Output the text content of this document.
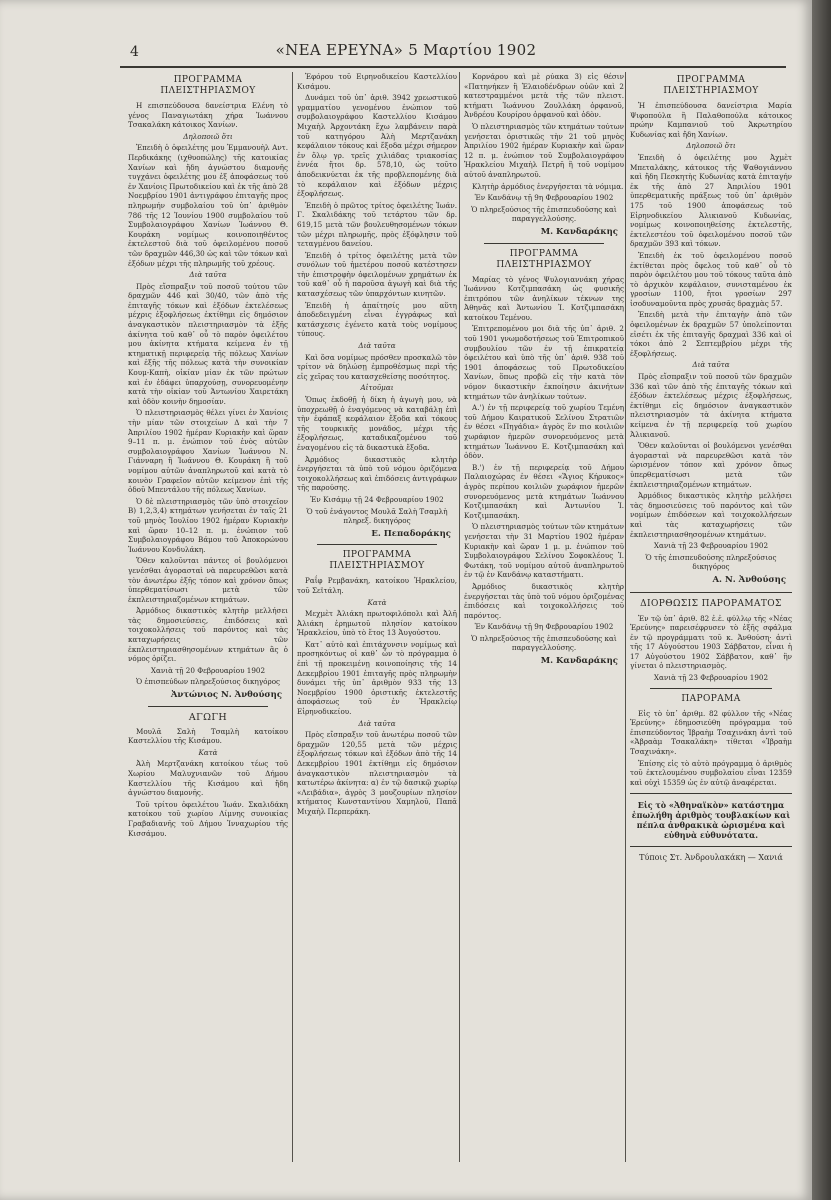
4	«ΝΕΑ ΕΡΕΥΝΑ» 5 Μαρτίου 1902
ΠΡΟΓΡΑΜΜΑ ΠΛΕΙΣΤΗΡΙΑΣΜΟΥ

Η επισπεύδουσα δανείστρια Ελένη τὸ γένος Παναγιωτάκη χήρα Ἰωάννου Τσακαλάκη κάτοικος Χανίων.

Δηλοποιῶ ὅτι

Ἐπειδὴ ὁ ὀφειλέτης μου Ἐμμανουὴλ Αντ. Περδικάκης (ιχθυοπώλης) τῆς κατοικίας Χανίων καὶ ἤδη ἀγνώστου διαμονῆς τυγχάνει ὀφειλέτης μου ἐξ ἀποφάσεως τοῦ ἐν Χανίοις Πρωτοδικείου καὶ ἐκ τῆς ἀπὸ 28 Νοεμβρίου 1901 ἀντιγράφου ἐπιταγῆς προς πληρωμήν συμβολαίου τοῦ ὑπ᾽ ἀριθμὸν 786 τῆς 12 Ἰουνίου 1900 συμβολαίου τοῦ Συμβολαιογράφου Χανίων Ἰωάννου Θ. Κουράκη νομίμως κοινοποιηθέντος ἐκτελεστοῦ διὰ τοῦ ὀφειλομένου ποσοῦ τῶν δραχμῶν 446,30 ὡς καὶ τῶν τόκων καὶ ἐξόδων μέχρι τῆς πληρωμῆς τοῦ χρέους.

Διὰ ταῦτα

Πρὸς εἴσπραξιν τοῦ ποσοῦ τούτου τῶν δραχμῶν 446 καὶ 30/40, τῶν ἀπὸ τῆς ἐπιταγῆς τόκων καὶ ἐξόδων ἐκτελέσεως μέχρις ἐξοφλήσεως ἐκτίθημι εἰς δημόσιον ἀναγκαστικὸν πλειστηριασμὸν τὰ ἑξῆς ἀκίνητα τοῦ καθ᾽ οὗ τὸ παρὸν ὀφειλέτου μου ἀκίνητα κτήματα κείμενα ἐν τῇ κτηματικῇ περιφερείᾳ τῆς πόλεως Χανίων καὶ ἐξῆς τῆς πόλεως κατὰ τὴν συνοικίαν Κουμ-Καπὴ, οἰκίαν μίαν ἐκ τῶν πρώτων καὶ ἐν ἐδάφει ὑπαρχούσῃ, συνορευομένην κατὰ τὴν οἰκίαν τοῦ Ἀντωνίου Χαιρετάκη καὶ ὁδὸν κοινὴν δημοσίαν.

Ὁ πλειστηριασμὸς θέλει γίνει ἐν Χανίοις τὴν μίαν τῶν στοιχείων Δ καὶ τὴν 7 Ἀπριλίου 1902 ἡμέραν Κυριακὴν καὶ ὥραν 9–11 π. μ. ἐνώπιον τοῦ ἐνὸς αὐτῶν συμβολαιογράφου Χανίων Ἰωάννου Ν. Γιάνναρη ἢ Ἰωάννου Θ. Κουράκη ἢ τοῦ νομίμου αὐτῶν ἀναπληρωτοῦ καὶ κατὰ τὸ κοινὸν Γραφεῖον αὐτῶν κείμενον ἐπὶ τῆς ὁδοῦ Μπεντάλου τῆς πόλεως Χανίων.

Ὁ δὲ πλειστηριασμὸς τῶν ὑπὸ στοιχεῖον Β) 1,2,3,4) κτημάτων γενήσεται ἐν ταῖς 21 τοῦ μηνὸς Ἰουλίου 1902 ἡμέραν Κυριακὴν καὶ ὥραν 10–12 π. μ. ἐνώπιον τοῦ Συμβολαιογράφου Βάμου τοῦ Ἀποκορώνου Ἰωάννου Κονδυλάκη.

Ὅθεν καλοῦνται πάντες οἱ βουλόμενοι γενέσθαι ἀγορασταὶ νὰ παρευρεθῶσι κατὰ τὸν ἀνωτέρω ἑξῆς τόπον καὶ χρόνον ὅπως ὑπερθεματίσωσι μετὰ τῶν ἐκπλειστηριαζομένων κτημάτων.

Ἀρμόδιος δικαστικὸς κλητὴρ μελλήσει τὰς δημοσιεύσεις, ἐπιδόσεις καὶ τοιχοκολλήσεις τοῦ παρόντος καὶ τὰς καταχωρήσεις τῶν ἐκπλειστηριασθησομένων κτημάτων ἃς ὁ νόμος ὁρίζει.

Χανιὰ τῇ 20 Φεβρουαρίου 1902
Ὁ ἐπισπεύδων πληρεξούσιος δικηγόρος
Ἀντώνιος Ν. Ἀνθούσης
ΑΓΩΓΗ

Μουλᾶ Σαλὴ Τσαμλὴ κατοίκου Καστελλίου τῆς Κισάμου.

Κατὰ

Ἀλὴ Μερτζανάκη κατοίκου τέως τοῦ Χωρίου Μαλυχνιανῶν τοῦ Δήμου Καστελλίου τῆς Κισάμου καὶ ἤδη ἀγνώστου διαμονῆς.

Τοῦ τρίτου ὀφειλέτου Ἰωάν. Σκαλιδάκη κατοίκου τοῦ χωρίου Λίμνης συνοικίας Γραβαδιανῆς τοῦ Δήμου Ἰνναχωρίου τῆς Κισσάμου.

Ἐφόρου τοῦ Ειρηνοδικείου Καστελλίου Κισάμου.

Δυνάμει τοῦ ὑπ᾽ ἀριθ. 3942 χρεωστικοῦ γραμματίου γενομένου ἐνώπιον τοῦ συμβολαιογράφου Καστελλίου Κισάμου Μιχαὴλ Ἀρχοντάκη ἔχω λαμβάνειν παρὰ τοῦ κατηγόρου Ἀλὴ Μερτζανάκη κεφάλαιον τόκους καὶ ἔξοδα μέχρι σήμερον ἐν ὅλῳ γρ. τρεῖς χιλιάδας τριακοσίας ἑννέα ἤτοι δρ. 578,10, ὡς τοῦτο ἀποδεικνύεται ἐκ τῆς προβλεπομένης διὰ τὸ κεφάλαιον καὶ ἐξόδων μέχρις ἐξοφλήσεως.

Ἐπειδὴ ὁ πρῶτος τρίτος ὀφειλέτης Ἰωάν. Γ. Σκαλιδάκης τοῦ τετάρτου τῶν δρ. 619,15 μετὰ τῶν βουλευθησομένων τόκων τῶν μέχρι πληρωμῆς, πρὸς ἐξόφλησιν τοῦ τεταγμένου δανείου.

Ἐπειδὴ ὁ τρίτος ὀφειλέτης μετὰ τῶν συνόλων τοῦ ἡμετέρου ποσοῦ κατέστησεν τὴν ἐπιστροφὴν ὀφειλομένων χρημάτων ἐκ τοῦ καθ᾽ οὗ ἡ παροῦσα ἀγωγὴ καὶ διὰ τῆς κατασχέσεως τῶν ὑπαρχόντων κινητῶν.

Ἐπειδὴ ἡ ἀπαίτησίς μου αὕτη ἀποδεδειγμένη εἶναι ἐγγράφως καὶ κατάσχεσις ἐγένετο κατὰ τοὺς νομίμους τύπους.

Διὰ ταῦτα

Καὶ ὅσα νομίμως πρόσθεν προσκαλῶ τὸν τρίτον νὰ δηλώσῃ ἐμπροθέσμως περὶ τῆς εἰς χεῖρας του κατασχεθείσης ποσότητος.

Αἰτοῦμαι

Ὅπως ἐκδοθῇ ἡ δίκη ἡ ἀγωγὴ μου, νὰ ὑποχρεωθῇ ὁ ἐναγόμενος νὰ καταβάλῃ ἐπὶ τὴν ἐφάπαξ κεφάλαιον ἔξοδα καὶ τόκους τῆς τουρκικῆς μονάδος, μέχρι τῆς ἐξοφλήσεως, καταδικαζομένου τοῦ ἐναγομένου εἰς τὰ δικαστικὰ ἔξοδα.

Ἀρμόδιος δικαστικὸς κλητὴρ ἐνεργήσεται τὰ ὑπὸ τοῦ νόμου ὁριζόμενα τοιχοκολλήσεως καὶ ἐπιδόσεις ἀντιγράφων τῆς παρούσης.

Ἐν Κισάμῳ τῇ 24 Φεβρουαρίου 1902
Ὁ τοῦ ἐνάγοντος Μουλᾶ Σαλὴ Τσαμλὴ πληρεξ. δικηγόρος
Ε. Πεπαδοράκης
ΠΡΟΓΡΑΜΜΑ ΠΛΕΙΣΤΗΡΙΑΣΜΟΥ

Ραΐφ Ρεμβανάκη, κατοίκου Ἡρακλείου, τοῦ Σεϊτάλη.

Κατὰ

Μεχμὲτ Ἀλιάκη πρωτοφιλόπολι καὶ Ἀλῆ Ἀλιάκη ἐρημωτοῦ πλησίον κατοίκου Ἡρακλείου, ὑπὸ τὸ ἔτος 13 Ἀυγούστου.

Κατ᾽ αὐτὸ καὶ ἐπιτάχυνσιν νομίμως καὶ προσηκόντως οἱ καθ᾽ ὧν τὸ πρόγραμμα ὁ ἐπὶ τῇ προκειμένῃ κοινοποίησις τῆς 14 Δεκεμβρίου 1901 ἐπιταγῆς πρὸς πληρωμὴν δυνάμει τῆς ὑπ᾽ ἀριθμὸν 933 τῆς 13 Νοεμβρίου 1900 ὁριστικῆς ἐκτελεστῆς ἀποφάσεως τοῦ ἐν Ἡρακλείῳ Εἰρηνοδικείου.

Διὰ ταῦτα

Πρὸς εἴσπραξιν τοῦ ἀνωτέρω ποσοῦ τῶν δραχμῶν 120,55 μετὰ τῶν μέχρις ἐξοφλήσεως τόκων καὶ ἐξόδων ἀπὸ τῆς 14 Δεκεμβρίου 1901 ἐκτίθημι εἰς δημόσιον ἀναγκαστικὸν πλειστηριασμὸν τὰ κατωτέρω ἀκίνητα: α) ἐν τῷ δασικῷ χωρίῳ «Λειβάδια», ἀγρὸς 3 μουζουρίων πλησίον κτήματος Κωνσταντίνου Χαμηλοῦ, Παπᾶ Μιχαὴλ Περπεράκη.

Κορνάρου καὶ μὲ ρύακα 3) εἰς θέσιν «Πατηνήκεν ἢ Ἑλαιοδένδρων οὐῶν καὶ 2 κατεστραμμένοι μετὰ τῆς τῶν πλειστ. κτήματι Ἰωάννου Ζουλλάκη ὀρφανοῦ, Ἀνδρέου Κουρίρου ὀρφανοῦ καὶ ὁδὸν.

Ὁ πλειστηριασμὸς τῶν κτημάτων τούτων γενήσεται ὁριστικῶς τὴν 21 τοῦ μηνὸς Ἀπριλίου 1902 ἡμέραν Κυριακὴν καὶ ὥραν 12 π. μ. ἐνώπιον τοῦ Συμβολαιογράφου Ἡρακλείου Μιχαὴλ Πετρῆ ἢ τοῦ νομίμου αὐτοῦ ἀναπληρωτοῦ.

Κλητὴρ ἀρμόδιος ἐνεργήσεται τὰ νόμιμα.

Ἐν Κανδάνῳ τῇ 9η Φεβρουαρίου 1902
Ὁ πληρεξούσιος τῆς ἐπισπευδούσης καὶ παραγγελλούσης.
Μ. Κανδαράκης
ΠΡΟΓΡΑΜΜΑ ΠΛΕΙΣΤΗΡΙΑΣΜΟΥ

Μαρίας τὸ γένος Ψυλογιαννάκη χήρας Ἰωάννου Κοτζιμπασάκη ὡς φυσικῆς ἐπιτρόπου τῶν ἀνηλίκων τέκνων της Ἀθηνᾶς καὶ Ἀντωνίου Ἰ. Κοτζιμπασάκη κατοίκου Τεμένου.

Ἐπιτρεπομένου μοι διὰ τῆς ὑπ᾽ ἀριθ. 2 τοῦ 1901 γνωμοδοτήσεως τοῦ Ἐπιτροπικοῦ συμβουλίου τῶν ἐν τῇ ἐπικρατείᾳ ὀφειλέτου καὶ ὑπὸ τῆς ὑπ᾽ ἀριθ. 938 τοῦ 1901 ἀποφάσεως τοῦ Πρωτοδικείου Χανίων, ὅπως προβῶ εἰς τὴν κατὰ τὸν νόμον δικαστικὴν ἐκποίησιν ἀκινήτων κτημάτων τῶν ἀνηλίκων τούτων.

Α.') ἐν τῇ περιφερείᾳ τοῦ χωρίου Τεμένη τοῦ Δήμου Καιρατικοῦ Σελίνου Στρατιῶν ἐν θέσει «Πηγάδια» ἀγρὸς ἓν πιο κοιλιῶν χωράφιον ἡμερῶν συνορευόμενος μετὰ κτημάτων Ἰωάννου Ε. Κοτζιμπασάκη καὶ ὁδὸν.

Β.') ἐν τῇ περιφερείᾳ τοῦ Δήμου Παλαιοχώρας ἐν θέσει «Ἅγιος Κήρυκος» ἀγρὸς περίπου κοιλιῶν χωράφιον ἡμερῶν συνορευόμενος μετὰ κτημάτων Ἰωάννου Κοτζιμπασάκη καὶ Ἀντωνίου Ἰ. Κοτζιμπασάκη.

Ὁ πλειστηριασμὸς τούτων τῶν κτημάτων γενήσεται τὴν 31 Μαρτίου 1902 ἡμέραν Κυριακὴν καὶ ὥραν 1 μ. μ. ἐνώπιον τοῦ Συμβολαιογράφου Σελίνου Σοφοκλέους Ἰ. Φωτάκη, τοῦ νομίμου αὐτοῦ ἀναπληρωτοῦ ἐν τῷ ἐν Κανδάνῳ καταστήματι.

Ἀρμόδιος δικαστικὸς κλητὴρ ἐνεργήσεται τὰς ὑπὸ τοῦ νόμου ὁριζομένας ἐπιδόσεις καὶ τοιχοκολλήσεις τοῦ παρόντος.

Ἐν Κανδάνῳ τῇ 9η Φεβρουαρίου 1902
Ὁ πληρεξούσιος τῆς ἐπισπευδούσης καὶ παραγγελλούσης.
Μ. Κανδαράκης
ΠΡΟΓΡΑΜΜΑ ΠΛΕΙΣΤΗΡΙΑΣΜΟΥ

Ἡ ἐπισπεύδουσα δανείστρια Μαρία Ψιφοπούλα ἢ Παλαθοπούλα κάτοικος πρώην Καμπανιοῦ τοῦ Ἀκρωτηρίου Κυδωνίας καὶ ἤδη Χανίων.

Δηλοποιῶ ὅτι

Ἐπειδὴ ὁ ὀφειλέτης μου Ἀχμὲτ Μπεταλάκης, κάτοικος τῆς Ψαθογιάννου καὶ ἤδη Πεσκητὴς Κυδωνίας κατὰ ἐπιταγήν ἐκ τῆς ἀπὸ 27 Ἀπριλίου 1901 ὑπερθεματικῆς πράξεως τοῦ ὑπ᾽ ἀριθμὸν 175 τοῦ 1900 ἀποφάσεως τοῦ Εἰρηνοδικείου Ἀλικιανοῦ Κυδωνίας, νομίμως κοινοποιηθείσης ἐκτελεστῆς, ἐκτελεστέου τοῦ ὀφειλομένου ποσοῦ τῶν δραχμῶν 393 καὶ τόκων.

Ἐπειδὴ ἐκ τοῦ ὀφειλομένου ποσοῦ ἐκτίθεται πρὸς ὄφελος τοῦ καθ᾽ οὗ τὸ παρὸν ὀφειλέτου μου τοῦ τόκους ταῦτα ἀπὸ τὸ ἀρχικὸν κεφάλαιον, συνισταμένου ἐκ γροσίων 1100, ἤτοι γροσίων 297 ἰσοδυναμοῦντα πρὸς χρυσᾶς δραχμὰς 57.

Ἐπειδὴ μετὰ τὴν ἐπιταγὴν ἀπὸ τῶν ὀφειλομένων ἐκ δραχμῶν 57 ὑπολείπονται εἰσέτι ἐκ τῆς ἐπιταγῆς δραχμαὶ 336 καὶ οἱ τόκοι ἀπὸ 2 Σεπτεμβρίου μέχρι τῆς ἐξοφλήσεως.

Διὰ ταῦτα

Πρὸς εἴσπραξιν τοῦ ποσοῦ τῶν δραχμῶν 336 καὶ τῶν ἀπὸ τῆς ἐπιταγῆς τόκων καὶ ἐξόδων ἐκτελέσεως μέχρις ἐξοφλήσεως, ἐκτίθημι εἰς δημόσιον ἀναγκαστικὸν πλειστηριασμὸν τὰ ἀκίνητα κτήματα κείμενα ἐν τῇ περιφερείᾳ τοῦ χωρίου Ἁλικιανοῦ.

Ὅθεν καλοῦνται οἱ βουλόμενοι γενέσθαι ἀγορασταὶ νὰ παρευρεθῶσι κατὰ τὸν ὡρισμένον τόπον καὶ χρόνον ὅπως ὑπερθεματίσωσι μετὰ τῶν ἐκπλειστηριαζομένων κτημάτων.

Ἀρμόδιος δικαστικὸς κλητὴρ μελλήσει τὰς δημοσιεύσεις τοῦ παρόντος καὶ τῶν νομίμων ἐπιδόσεων καὶ τοιχοκολλήσεων καὶ τὰς καταχωρήσεις τῶν ἐκπλειστηριασθησομένων κτημάτων.

Χανιὰ τῇ 23 Φεβρουαρίου 1902
Ὁ τῆς ἐπισπευδούσης πληρεξούσιος δικηγόρος
Α. Ν. Ἀνθούσης
ΔΙΟΡΘΩΣΙΣ ΠΑΡΟΡΑΜΑΤΟΣ

Ἐν τῷ ὑπ᾽ ἀριθ. 82 ἐ.ἐ. φύλλῳ τῆς «Νέας Ἐρεύνης» παρεισέφρυσεν τὸ ἑξῆς σφάλμα ἐν τῷ προγράμματι τοῦ κ. Ἀνθούση· ἀντὶ τῆς 17 Αὐγούστου 1903 Σάββατον, εἶναι ἡ 17 Αὐγούστου 1902 Σάββατον, καθ᾽ ἣν γίνεται ὁ πλειστηριασμὸς.

Χανιὰ τῇ 23 Φεβρουαρίου 1902
ΠΑΡΟΡΑΜΑ

Εἰς τὸ ὑπ᾽ ἀριθμ. 82 φύλλον τῆς «Νέας Ἐρεύνης» ἐδημοσιεύθη πρόγραμμα τοῦ ἐπισπεύδοντος Ἰβραὴμ Τσαχινάκη ἀντὶ τοῦ «Ἀβραὰμ Τσακαλάκη» τίθεται «Ἰβραὴμ Τσαχινάκη».

Ἐπίσης εἰς τὸ αὐτὸ πρόγραμμα ὁ ἀριθμὸς τοῦ ἐκτελουμένου συμβολαίου εἶναι 12359 καὶ οὐχὶ 15359 ὡς ἐν αὐτῷ ἀναφέρεται.

Εἰς τὸ «Ἀθηναϊκὸν» κατάστημα ἐπωλήθη ἀριθμὸς τουβλακίων καὶ πέπλα ἀνθρακικὰ ὠρισμένα καὶ εὐθηνὰ εὐθυνότατα.
Τύποις Στ. Ἀνδρουλακάκη — Χανιά
